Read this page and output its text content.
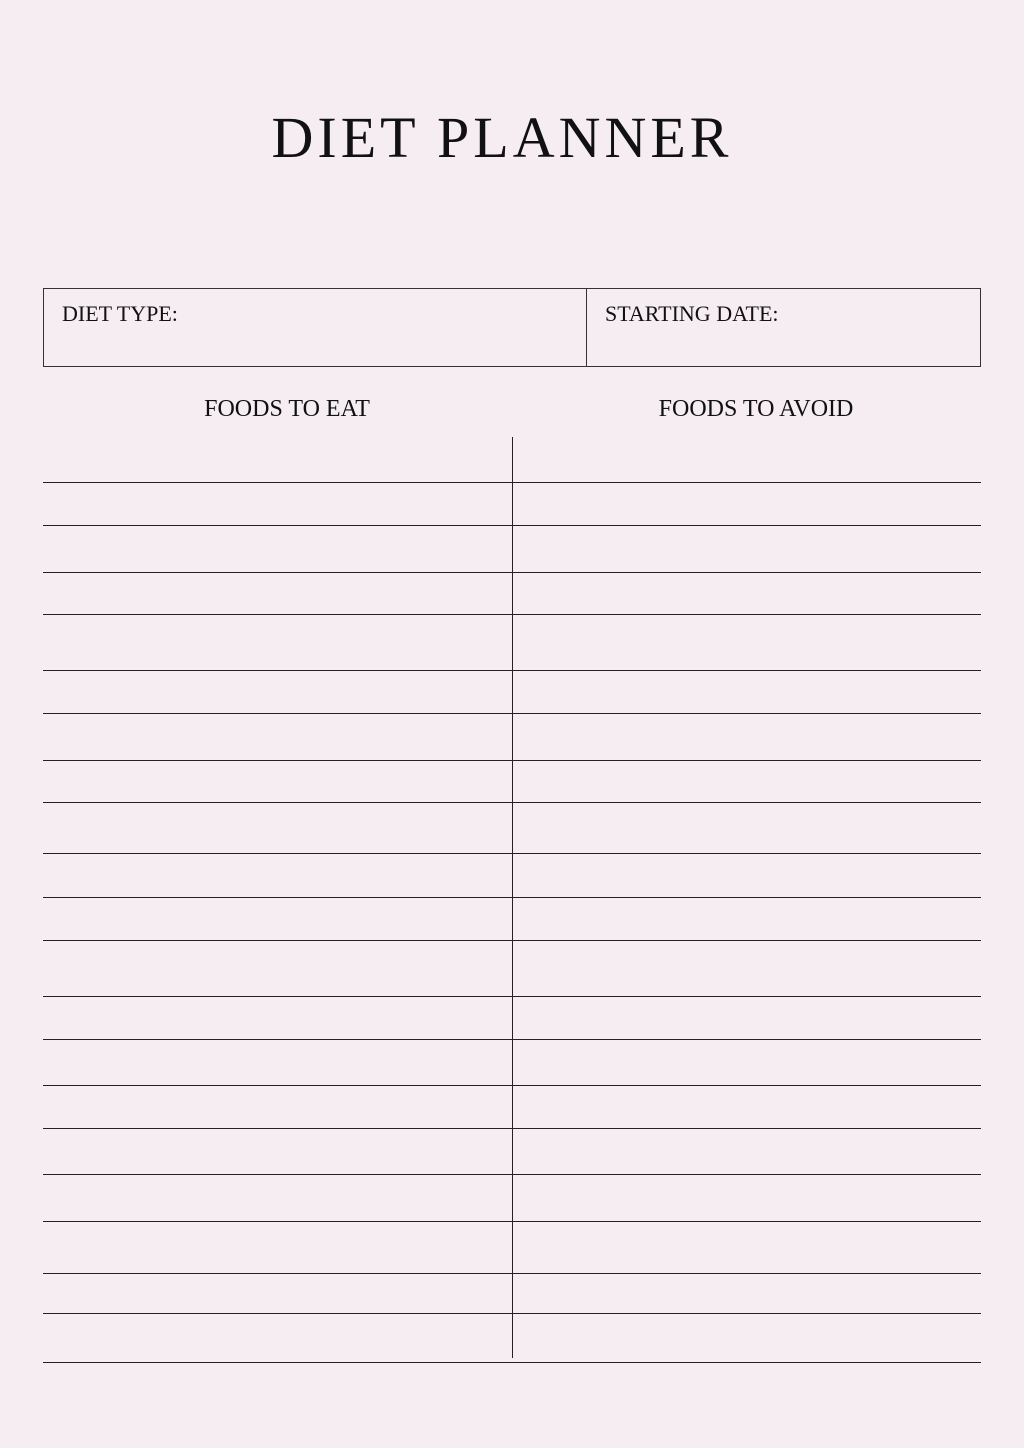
DIET PLANNER
DIET TYPE:	STARTING DATE:
FOODS TO EAT	FOODS TO AVOID
